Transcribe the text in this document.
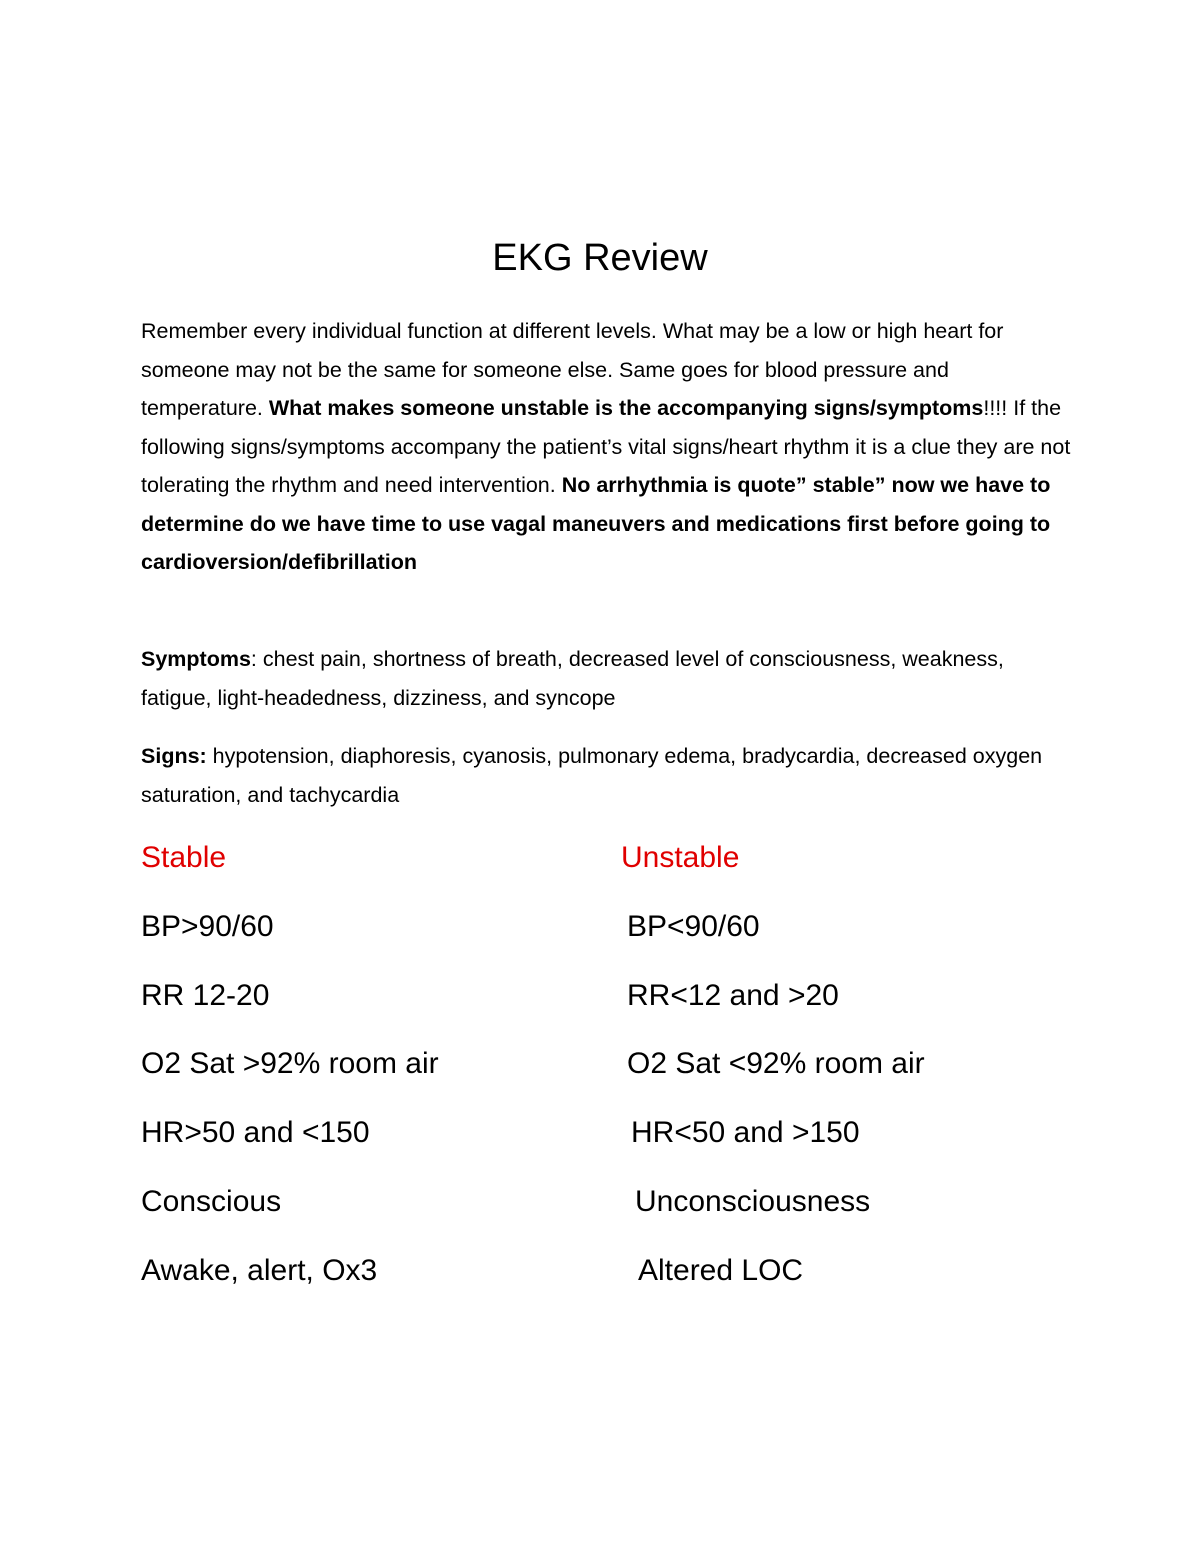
EKG Review
Remember every individual function at different levels. What may be a low or high heart for someone may not be the same for someone else. Same goes for blood pressure and temperature. What makes someone unstable is the accompanying signs/symptoms!!!! If the following signs/symptoms accompany the patient’s vital signs/heart rhythm it is a clue they are not tolerating the rhythm and need intervention. No arrhythmia is quote” stable” now we have to determine do we have time to use vagal maneuvers and medications first before going to cardioversion/defibrillation
Symptoms: chest pain, shortness of breath, decreased level of consciousness, weakness, fatigue, light-headedness, dizziness, and syncope
Signs: hypotension, diaphoresis, cyanosis, pulmonary edema, bradycardia, decreased oxygen saturation, and tachycardia
Stable	Unstable
BP>90/60
RR 12-20
O2 Sat >92% room air
HR>50 and <150
Conscious
Awake, alert, Ox3
BP<90/60
RR<12 and >20
O2 Sat <92% room air
HR<50 and >150
Unconsciousness
Altered LOC
